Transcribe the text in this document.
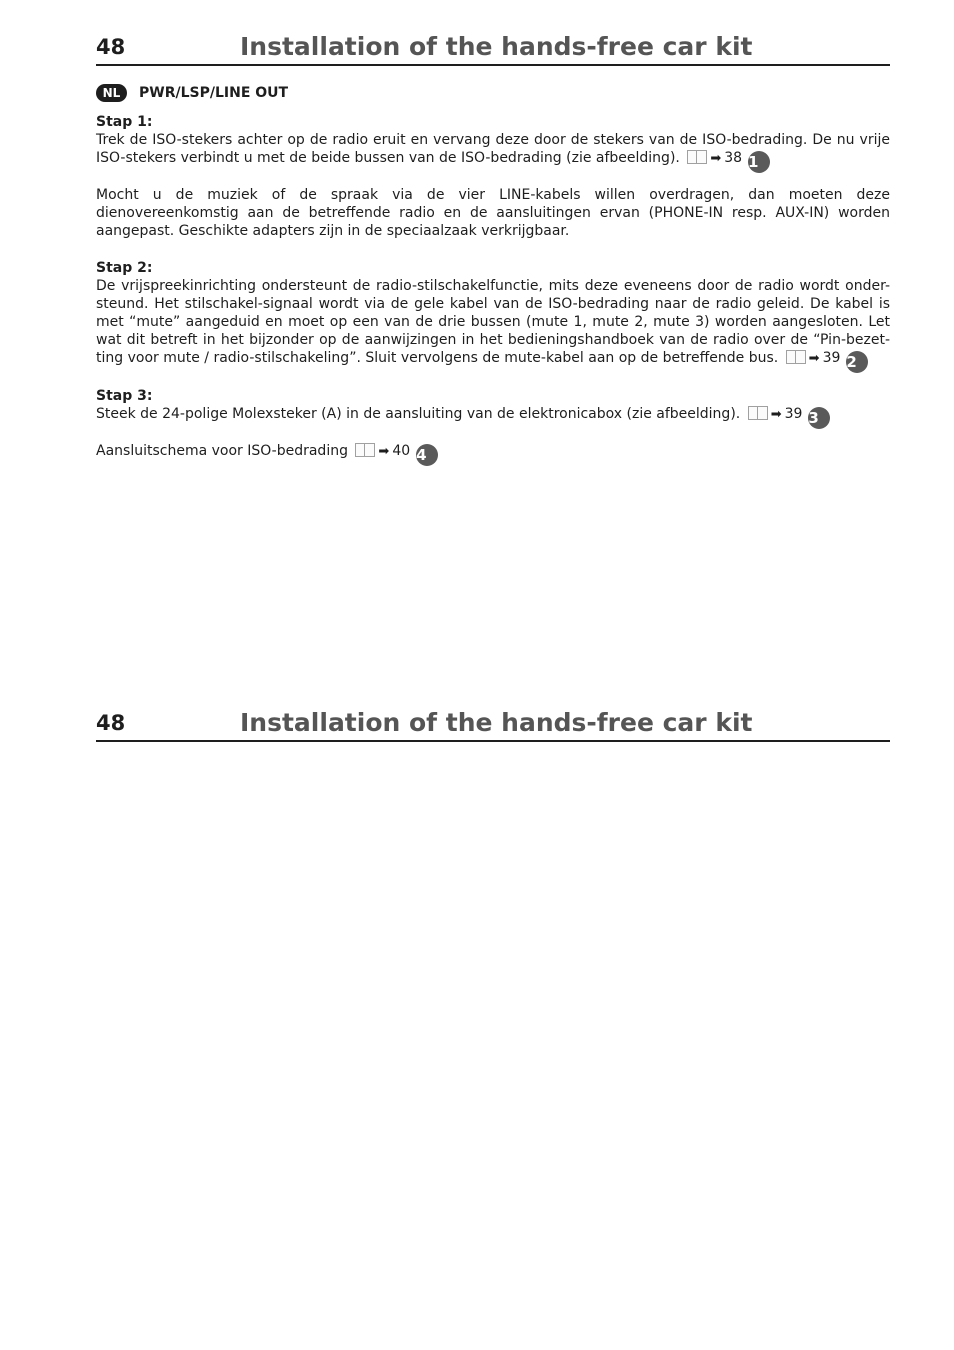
48	Installation of the hands-free car kit
NL	PWR/LSP/LINE OUT

Stap 1:

Trek de ISO-stekers achter op de radio eruit en vervang deze door de stekers van de ISO-bedrading. De nu vrije ISO-stekers verbindt u met de beide bussen van de ISO-bedrading (zie afbeelding). ➡ 38 1

Mocht u de muziek of de spraak via de vier LINE-kabels willen overdragen, dan moeten deze dienovereenkomstig aan de betreffende radio en de aansluitingen ervan (PHONE-IN resp. AUX-IN) worden aangepast. Geschikte adapters zijn in de speciaalzaak verkrijgbaar.

Stap 2:

De vrijspreekinrichting ondersteunt de radio-stilschakelfunctie, mits deze eveneens door de radio wordt onder-steund. Het stilschakel-signaal wordt via de gele kabel van de ISO-bedrading naar de radio geleid. De kabel is met “mute” aangeduid en moet op een van de drie bussen (mute 1, mute 2, mute 3) worden aangesloten. Let wat dit betreft in het bijzonder op de aanwijzingen in het bedieningshandboek van de radio over de “Pin-bezet-ting voor mute / radio-stilschakeling”. Sluit vervolgens de mute-kabel aan op de betreffende bus. ➡ 39 2

Stap 3:

Steek de 24-polige Molexsteker (A) in de aansluiting van de elektronicabox (zie afbeelding). ➡ 39 3

Aansluitschema voor ISO-bedrading ➡ 40 4

48	Installation of the hands-free car kit
